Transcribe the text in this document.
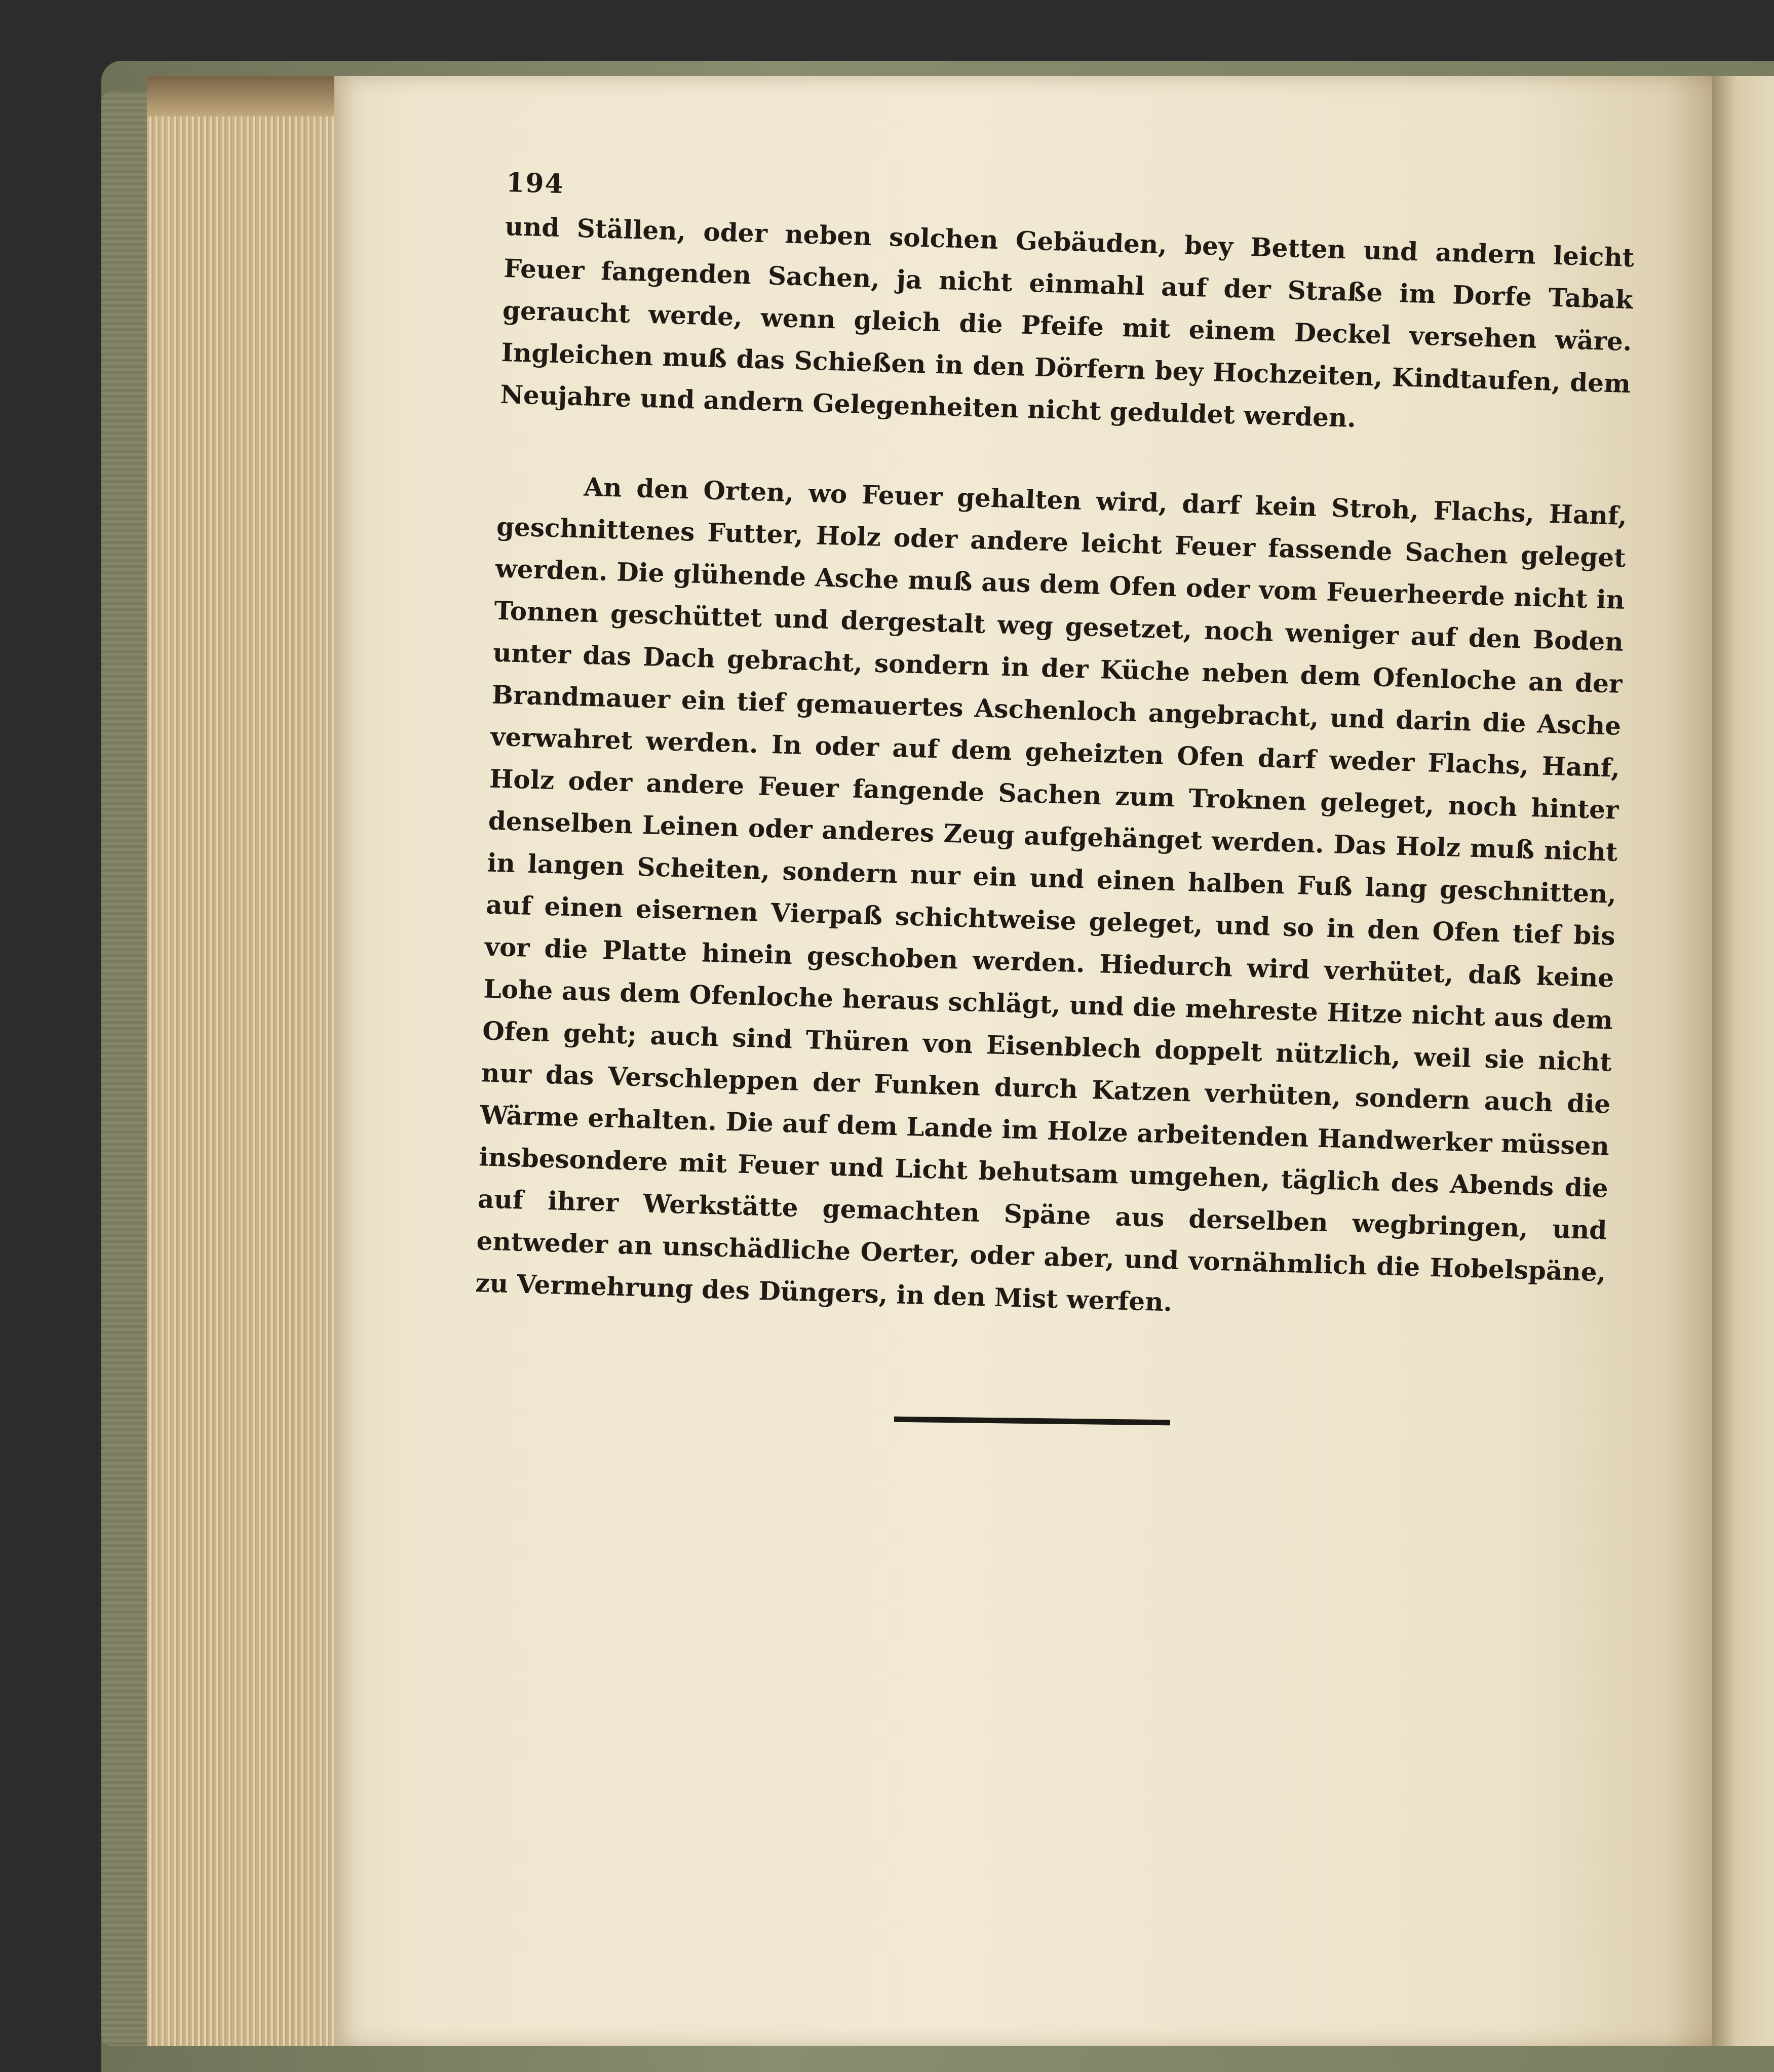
194

und Ställen, oder neben solchen Gebäuden, bey Betten und andern leicht Feuer fangenden Sachen, ja nicht einmahl auf der Straße im Dorfe Tabak geraucht werde, wenn gleich die Pfeife mit einem Deckel versehen wäre. Ingleichen muß das Schießen in den Dörfern bey Hochzeiten, Kindtaufen, dem Neujahre und andern Gelegenheiten nicht geduldet werden.

An den Orten, wo Feuer gehalten wird, darf kein Stroh, Flachs, Hanf, geschnittenes Futter, Holz oder andere leicht Feuer fassende Sachen geleget werden. Die glühende Asche muß aus dem Ofen oder vom Feuerheerde nicht in Tonnen geschüttet und dergestalt weg gesetzet, noch weniger auf den Boden unter das Dach gebracht, sondern in der Küche neben dem Ofenloche an der Brandmauer ein tief gemauertes Aschenloch angebracht, und darin die Asche verwahret werden. In oder auf dem geheizten Ofen darf weder Flachs, Hanf, Holz oder andere Feuer fangende Sachen zum Troknen geleget, noch hinter denselben Leinen oder anderes Zeug aufgehänget werden. Das Holz muß nicht in langen Scheiten, sondern nur ein und einen halben Fuß lang geschnitten, auf einen eisernen Vierpaß schichtweise geleget, und so in den Ofen tief bis vor die Platte hinein geschoben werden. Hiedurch wird verhütet, daß keine Lohe aus dem Ofenloche heraus schlägt, und die mehreste Hitze nicht aus dem Ofen geht; auch sind Thüren von Eisenblech doppelt nützlich, weil sie nicht nur das Verschleppen der Funken durch Katzen verhüten, sondern auch die Wärme erhalten. Die auf dem Lande im Holze arbeitenden Handwerker müssen insbesondere mit Feuer und Licht behutsam umgehen, täglich des Abends die auf ihrer Werkstätte gemachten Späne aus derselben wegbringen, und entweder an unschädliche Oerter, oder aber, und vornähmlich die Hobelspäne, zu Vermehrung des Düngers, in den Mist werfen.
